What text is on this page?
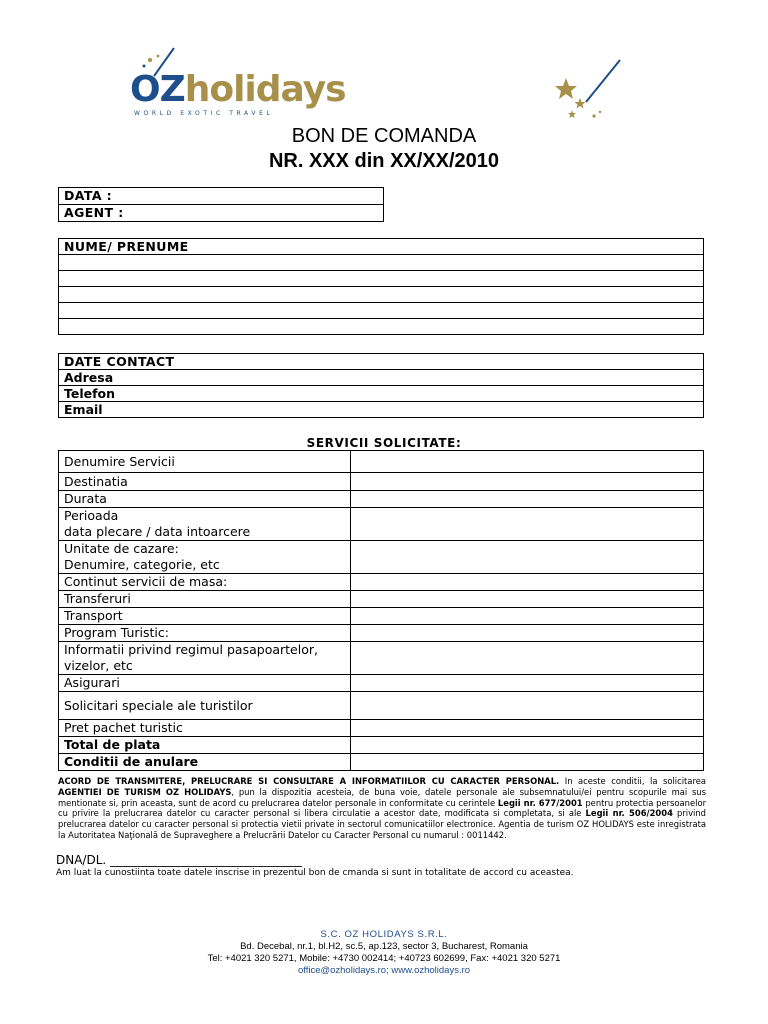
OZholidays
WORLD EXOTIC TRAVEL
BON DE COMANDA
NR. XXX din XX/XX/2010
DATA :
AGENT :
NUME/ PRENUME

DATE CONTACT
Adresa
Telefon
Email
SERVICII SOLICITATE:
Denumire Servicii	
Destinatia	
Durata	
Perioada
data plecare / data intoarcere	
Unitate de cazare:
Denumire, categorie, etc	
Continut servicii de masa:	
Transferuri	
Transport	
Program Turistic:	
Informatii privind regimul pasapoartelor,
vizelor, etc	
Asigurari	
Solicitari speciale ale turistilor	
Pret pachet turistic	
Total de plata	
Conditii de anulare	
ACORD DE TRANSMITERE, PRELUCRARE SI CONSULTARE A INFORMATIILOR CU CARACTER PERSONAL. In aceste conditii, la solicitarea AGENTIEI DE TURISM OZ HOLIDAYS, pun la dispozitia acesteia, de buna voie, datele personale ale subsemnatului/ei pentru scopurile mai sus mentionate si, prin aceasta, sunt de acord cu prelucrarea datelor personale in conformitate cu cerintele Legii nr. 677/2001 pentru protectia persoanelor cu privire la prelucrarea datelor cu caracter personal si libera circulatie a acestor date, modificata si completata, si ale Legii nr. 506/2004 privind prelucrarea datelor cu caracter personal si protectia vietii private in sectorul comunicatiilor electronice. Agentia de turism OZ HOLIDAYS este inregistrata la Autoritatea Naţională de Supraveghere a Prelucrării Datelor cu Caracter Personal cu numarul : 0011442.
DNA/DL. ________________________________
Am luat la cunostiinta toate datele inscrise in prezentul bon de cmanda si sunt in totalitate de accord cu aceastea.
S.C. OZ HOLIDAYS S.R.L.
Bd. Decebal, nr.1, bl.H2, sc.5, ap.123, sector 3, Bucharest, Romania
Tel: +4021 320 5271, Mobile: +4730 002414; +40723 602699, Fax: +4021 320 5271
office@ozholidays.ro; www.ozholidays.ro
